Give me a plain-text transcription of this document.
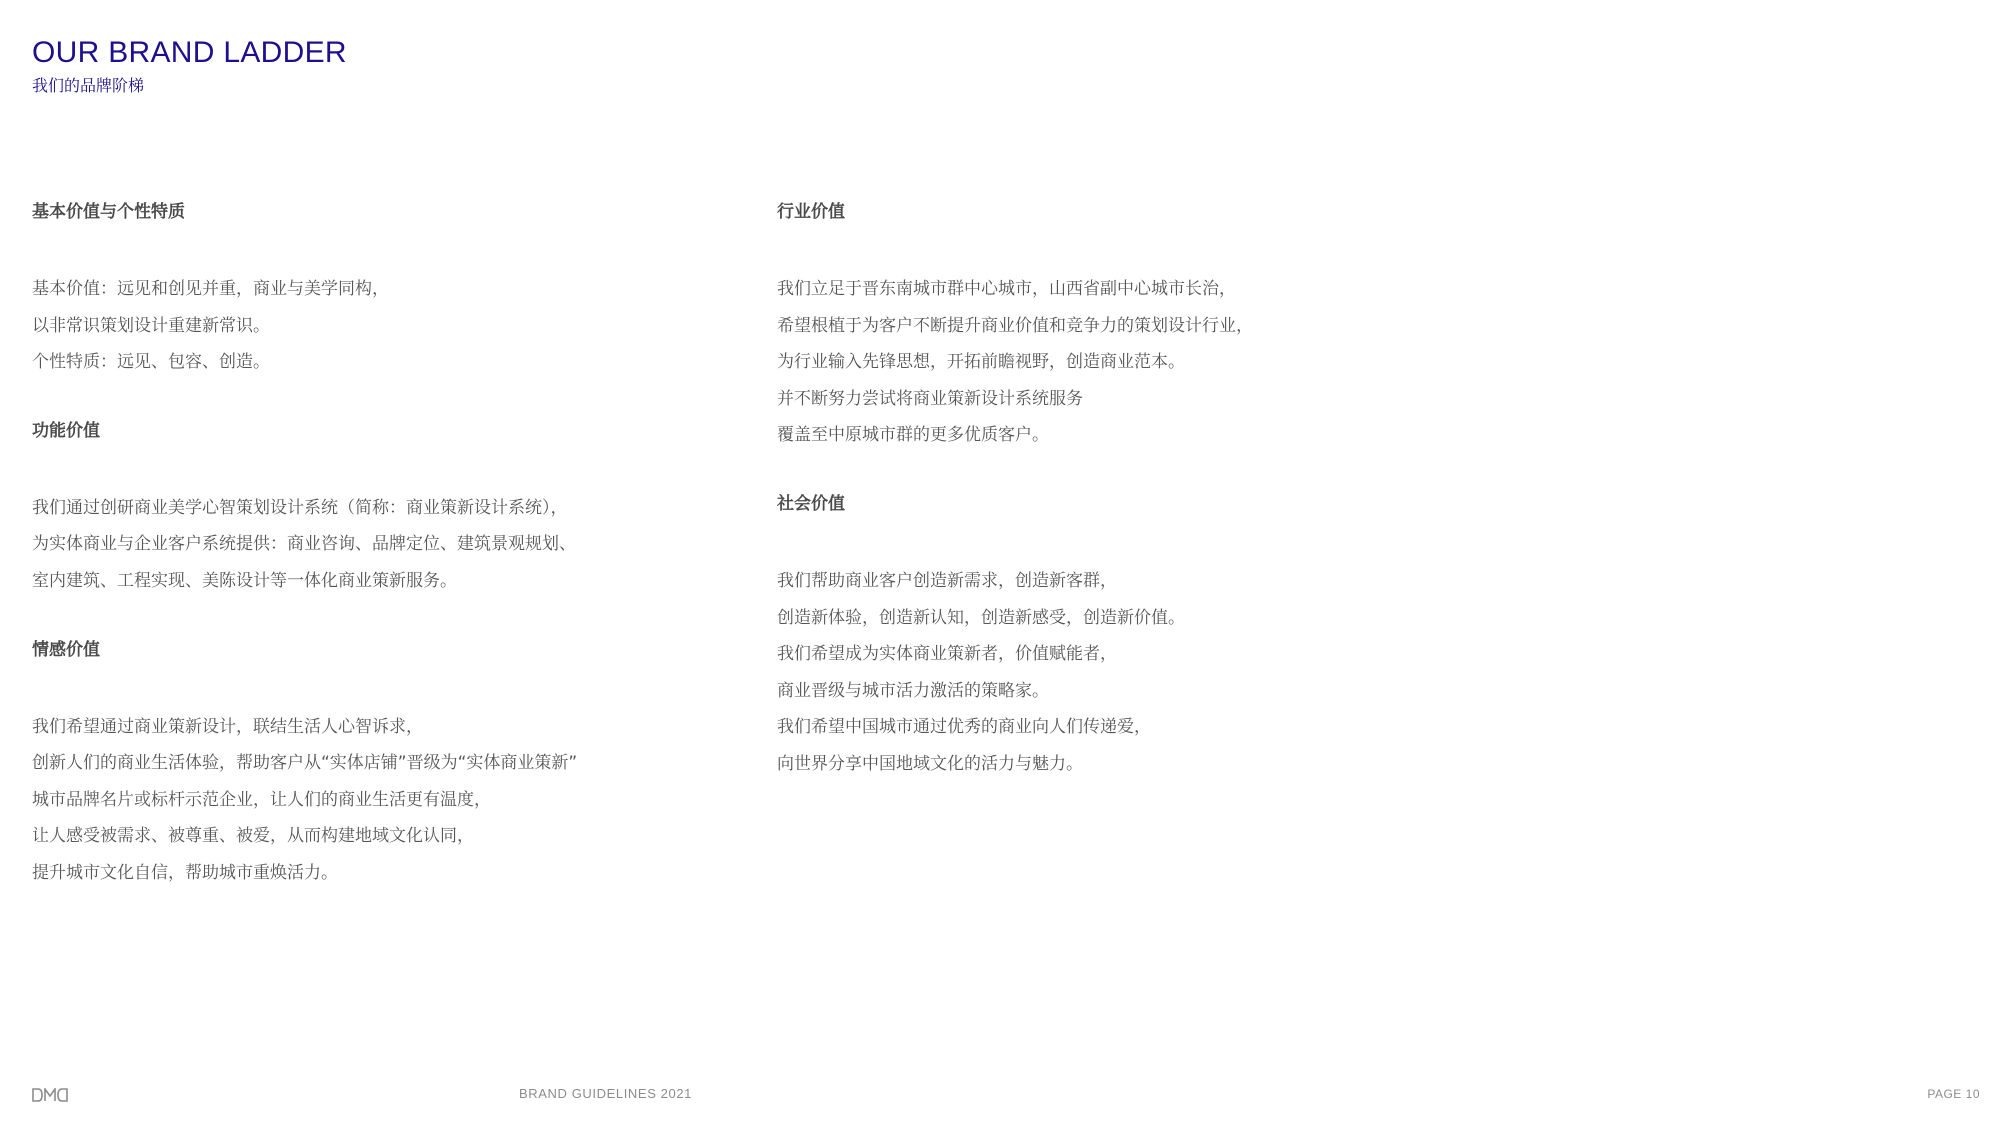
OUR BRAND LADDER
我们的品牌阶梯
基本价值与个性特质
基本价值：远见和创见并重，商业与美学同构，
以非常识策划设计重建新常识。
个性特质：远见、包容、创造。
功能价值
我们通过创研商业美学心智策划设计系统（简称：商业策新设计系统），
为实体商业与企业客户系统提供：商业咨询、品牌定位、建筑景观规划、
室内建筑、工程实现、美陈设计等一体化商业策新服务。
情感价值
我们希望通过商业策新设计，联结生活人心智诉求，
创新人们的商业生活体验，帮助客户从“实体店铺”晋级为“实体商业策新”
城市品牌名片或标杆示范企业，让人们的商业生活更有温度，
让人感受被需求、被尊重、被爱，从而构建地域文化认同，
提升城市文化自信，帮助城市重焕活力。
行业价值
我们立足于晋东南城市群中心城市，山西省副中心城市长治，
希望根植于为客户不断提升商业价值和竞争力的策划设计行业，
为行业输入先锋思想，开拓前瞻视野，创造商业范本。
并不断努力尝试将商业策新设计系统服务
覆盖至中原城市群的更多优质客户。
社会价值
我们帮助商业客户创造新需求，创造新客群，
创造新体验，创造新认知，创造新感受，创造新价值。
我们希望成为实体商业策新者，价值赋能者，
商业晋级与城市活力激活的策略家。
我们希望中国城市通过优秀的商业向人们传递爱，
向世界分享中国地域文化的活力与魅力。
BRAND GUIDELINES 2021	PAGE 10
